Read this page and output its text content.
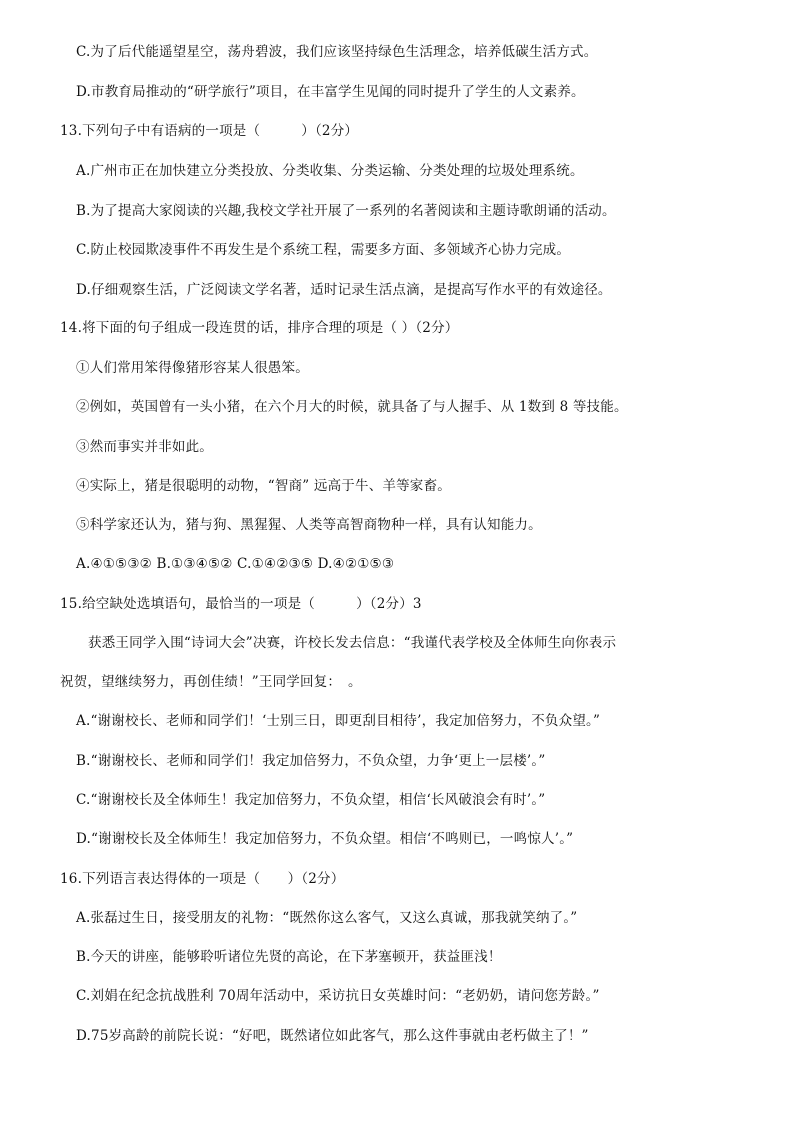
C.为了后代能遥望星空，荡舟碧波，我们应该坚持绿色生活理念，培养低碳生活方式。
D.市教育局推动的“研学旅行”项目，在丰富学生见闻的同时提升了学生的人文素养。
13.下列句子中有语病的一项是（　　　）（2分）
A.广州市正在加快建立分类投放、分类收集、分类运输、分类处理的垃圾处理系统。
B.为了提高大家阅读的兴趣,我校文学社开展了一系列的名著阅读和主题诗歌朗诵的活动。
C.防止校园欺凌事件不再发生是个系统工程，需要多方面、多领域齐心协力完成。
D.仔细观察生活，广泛阅读文学名著，适时记录生活点滴，是提高写作水平的有效途径。
14.将下面的句子组成一段连贯的话，排序合理的项是（ ）（2分）
①人们常用笨得像猪形容某人很愚笨。
②例如，英国曾有一头小猪，在六个月大的时候，就具备了与人握手、从 1数到 8 等技能。
③然而事实并非如此。
④实际上，猪是很聪明的动物，“智商” 远高于牛、羊等家畜。
⑤科学家还认为，猪与狗、黑猩猩、人类等高智商物种一样，具有认知能力。
A.④①⑤③② B.①③④⑤② C.①④②③⑤ D.④②①⑤③
15.给空缺处选填语句，最恰当的一项是（　　　）（2分）3
获悉王同学入围“诗词大会”决赛，许校长发去信息：“我谨代表学校及全体师生向你表示
祝贺，望继续努力，再创佳绩！”王同学回复：　。
A.“谢谢校长、老师和同学们！‘士别三日，即更刮目相待’，我定加倍努力，不负众望。”
B.“谢谢校长、老师和同学们！我定加倍努力，不负众望，力争‘更上一层楼’。”
C.“谢谢校长及全体师生！我定加倍努力，不负众望，相信‘长风破浪会有时’。”
D.“谢谢校长及全体师生！我定加倍努力，不负众望。相信‘不鸣则已，一鸣惊人’。”
16.下列语言表达得体的一项是（　　）（2分）
A.张磊过生日，接受朋友的礼物：“既然你这么客气，又这么真诚，那我就笑纳了。”
B.今天的讲座，能够聆听诸位先贤的高论，在下茅塞顿开，获益匪浅！
C.刘娟在纪念抗战胜利 70周年活动中，采访抗日女英雄时问：“老奶奶，请问您芳龄。”
D.75岁高龄的前院长说：“好吧，既然诸位如此客气，那么这件事就由老朽做主了！”
